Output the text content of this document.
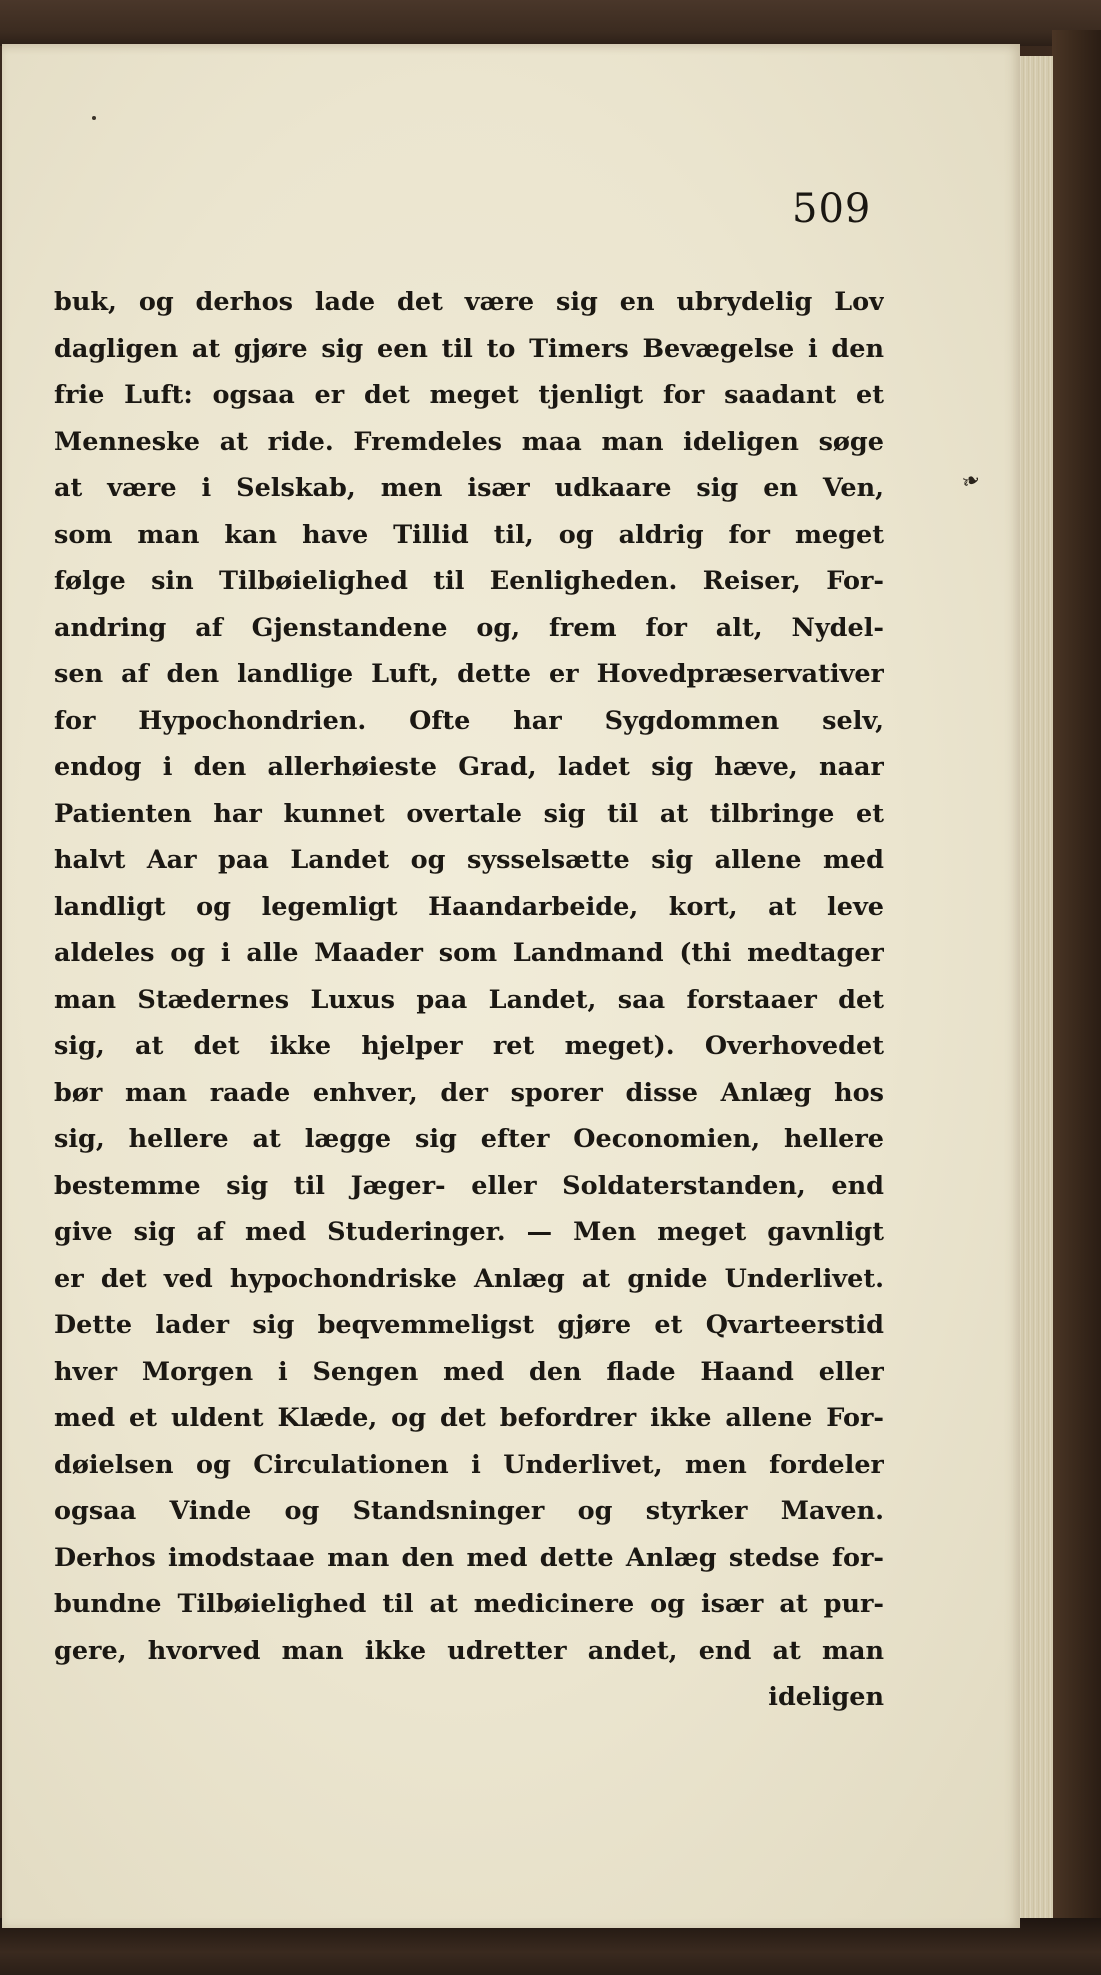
509
❧
buk, og derhos lade det være sig en ubrydelig Lov
dagligen at gjøre sig een til to Timers Bevægelse i den
frie Luft: ogsaa er det meget tjenligt for saadant et
Menneske at ride. Fremdeles maa man ideligen søge
at være i Selskab, men især udkaare sig en Ven,
som man kan have Tillid til, og aldrig for meget
følge sin Tilbøielighed til Eenligheden. Reiser, For-
andring af Gjenstandene og, frem for alt, Nydel-
sen af den landlige Luft, dette er Hovedpræservativer
for Hypochondrien. Ofte har Sygdommen selv,
endog i den allerhøieste Grad, ladet sig hæve, naar
Patienten har kunnet overtale sig til at tilbringe et
halvt Aar paa Landet og sysselsætte sig allene med
landligt og legemligt Haandarbeide, kort, at leve
aldeles og i alle Maader som Landmand (thi medtager
man Stædernes Luxus paa Landet, saa forstaaer det
sig, at det ikke hjelper ret meget). Overhovedet
bør man raade enhver, der sporer disse Anlæg hos
sig, hellere at lægge sig efter Oeconomien, hellere
bestemme sig til Jæger- eller Soldaterstanden, end
give sig af med Studeringer. — Men meget gavnligt
er det ved hypochondriske Anlæg at gnide Underlivet.
Dette lader sig beqvemmeligst gjøre et Qvarteerstid
hver Morgen i Sengen med den flade Haand eller
med et uldent Klæde, og det befordrer ikke allene For-
døielsen og Circulationen i Underlivet, men fordeler
ogsaa Vinde og Standsninger og styrker Maven.
Derhos imodstaae man den med dette Anlæg stedse for-
bundne Tilbøielighed til at medicinere og især at pur-
gere, hvorved man ikke udretter andet, end at man
ideligen
